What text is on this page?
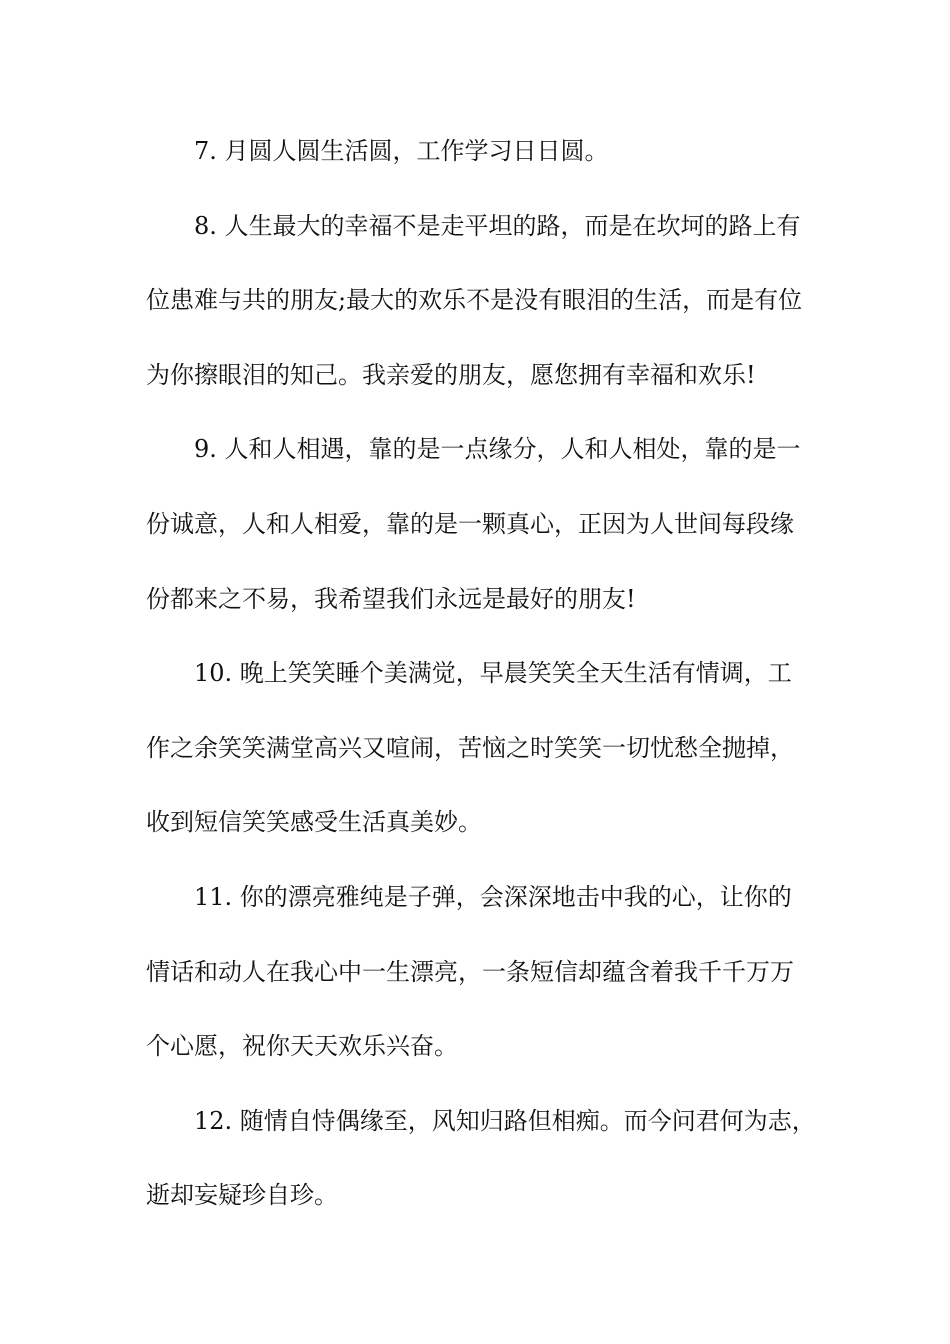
7. 月圆人圆生活圆，工作学习日日圆。
8. 人生最大的幸福不是走平坦的路，而是在坎坷的路上有
位患难与共的朋友;最大的欢乐不是没有眼泪的生活，而是有位
为你擦眼泪的知己。我亲爱的朋友，愿您拥有幸福和欢乐!
9. 人和人相遇，靠的是一点缘分，人和人相处，靠的是一
份诚意，人和人相爱，靠的是一颗真心，正因为人世间每段缘
份都来之不易，我希望我们永远是最好的朋友!
10. 晚上笑笑睡个美满觉，早晨笑笑全天生活有情调，工
作之余笑笑满堂高兴又喧闹，苦恼之时笑笑一切忧愁全抛掉，
收到短信笑笑感受生活真美妙。
11. 你的漂亮雅纯是子弹，会深深地击中我的心，让你的
情话和动人在我心中一生漂亮，一条短信却蕴含着我千千万万
个心愿，祝你天天欢乐兴奋。
12. 随情自恃偶缘至，风知归路但相痴。而今问君何为志，
逝却妄疑珍自珍。
